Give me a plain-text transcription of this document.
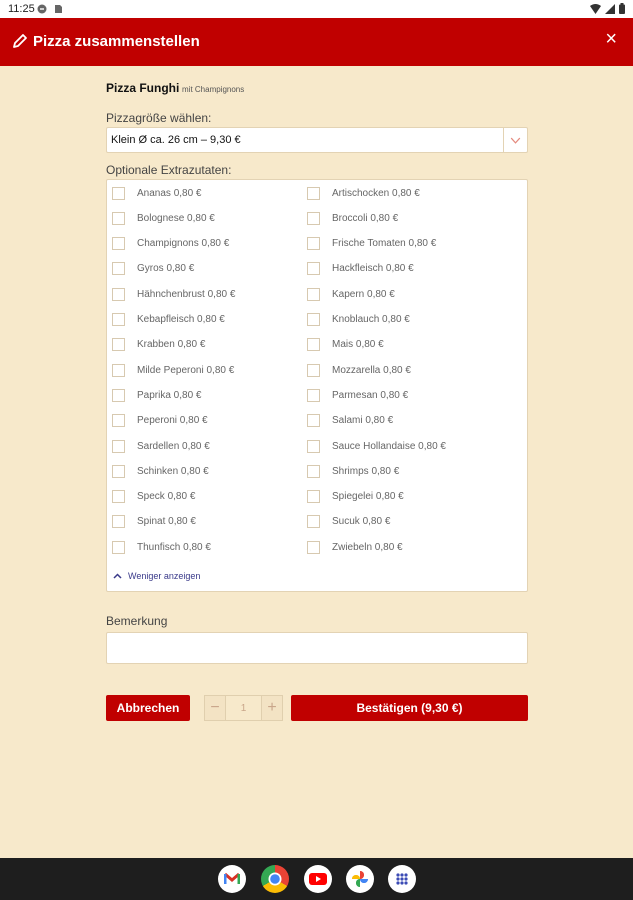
11:25
Pizza zusammenstellen	×
Pizza Funghi mit Champignons
Pizzagröße wählen:
Klein Ø ca. 26 cm – 9,30 €
Optionale Extrazutaten:
Weniger anzeigen
Ananas 0,80 €
Bolognese 0,80 €
Champignons 0,80 €
Gyros 0,80 €
Hähnchenbrust 0,80 €
Kebapfleisch 0,80 €
Krabben 0,80 €
Milde Peperoni 0,80 €
Paprika 0,80 €
Peperoni 0,80 €
Sardellen 0,80 €
Schinken 0,80 €
Speck 0,80 €
Spinat 0,80 €
Thunfisch 0,80 €
Artischocken 0,80 €
Broccoli 0,80 €
Frische Tomaten 0,80 €
Hackfleisch 0,80 €
Kapern 0,80 €
Knoblauch 0,80 €
Mais 0,80 €
Mozzarella 0,80 €
Parmesan 0,80 €
Salami 0,80 €
Sauce Hollandaise 0,80 €
Shrimps 0,80 €
Spiegelei 0,80 €
Sucuk 0,80 €
Zwiebeln 0,80 €
Bemerkung
Abbrechen	−	1	+	Bestätigen (9,30 €)
